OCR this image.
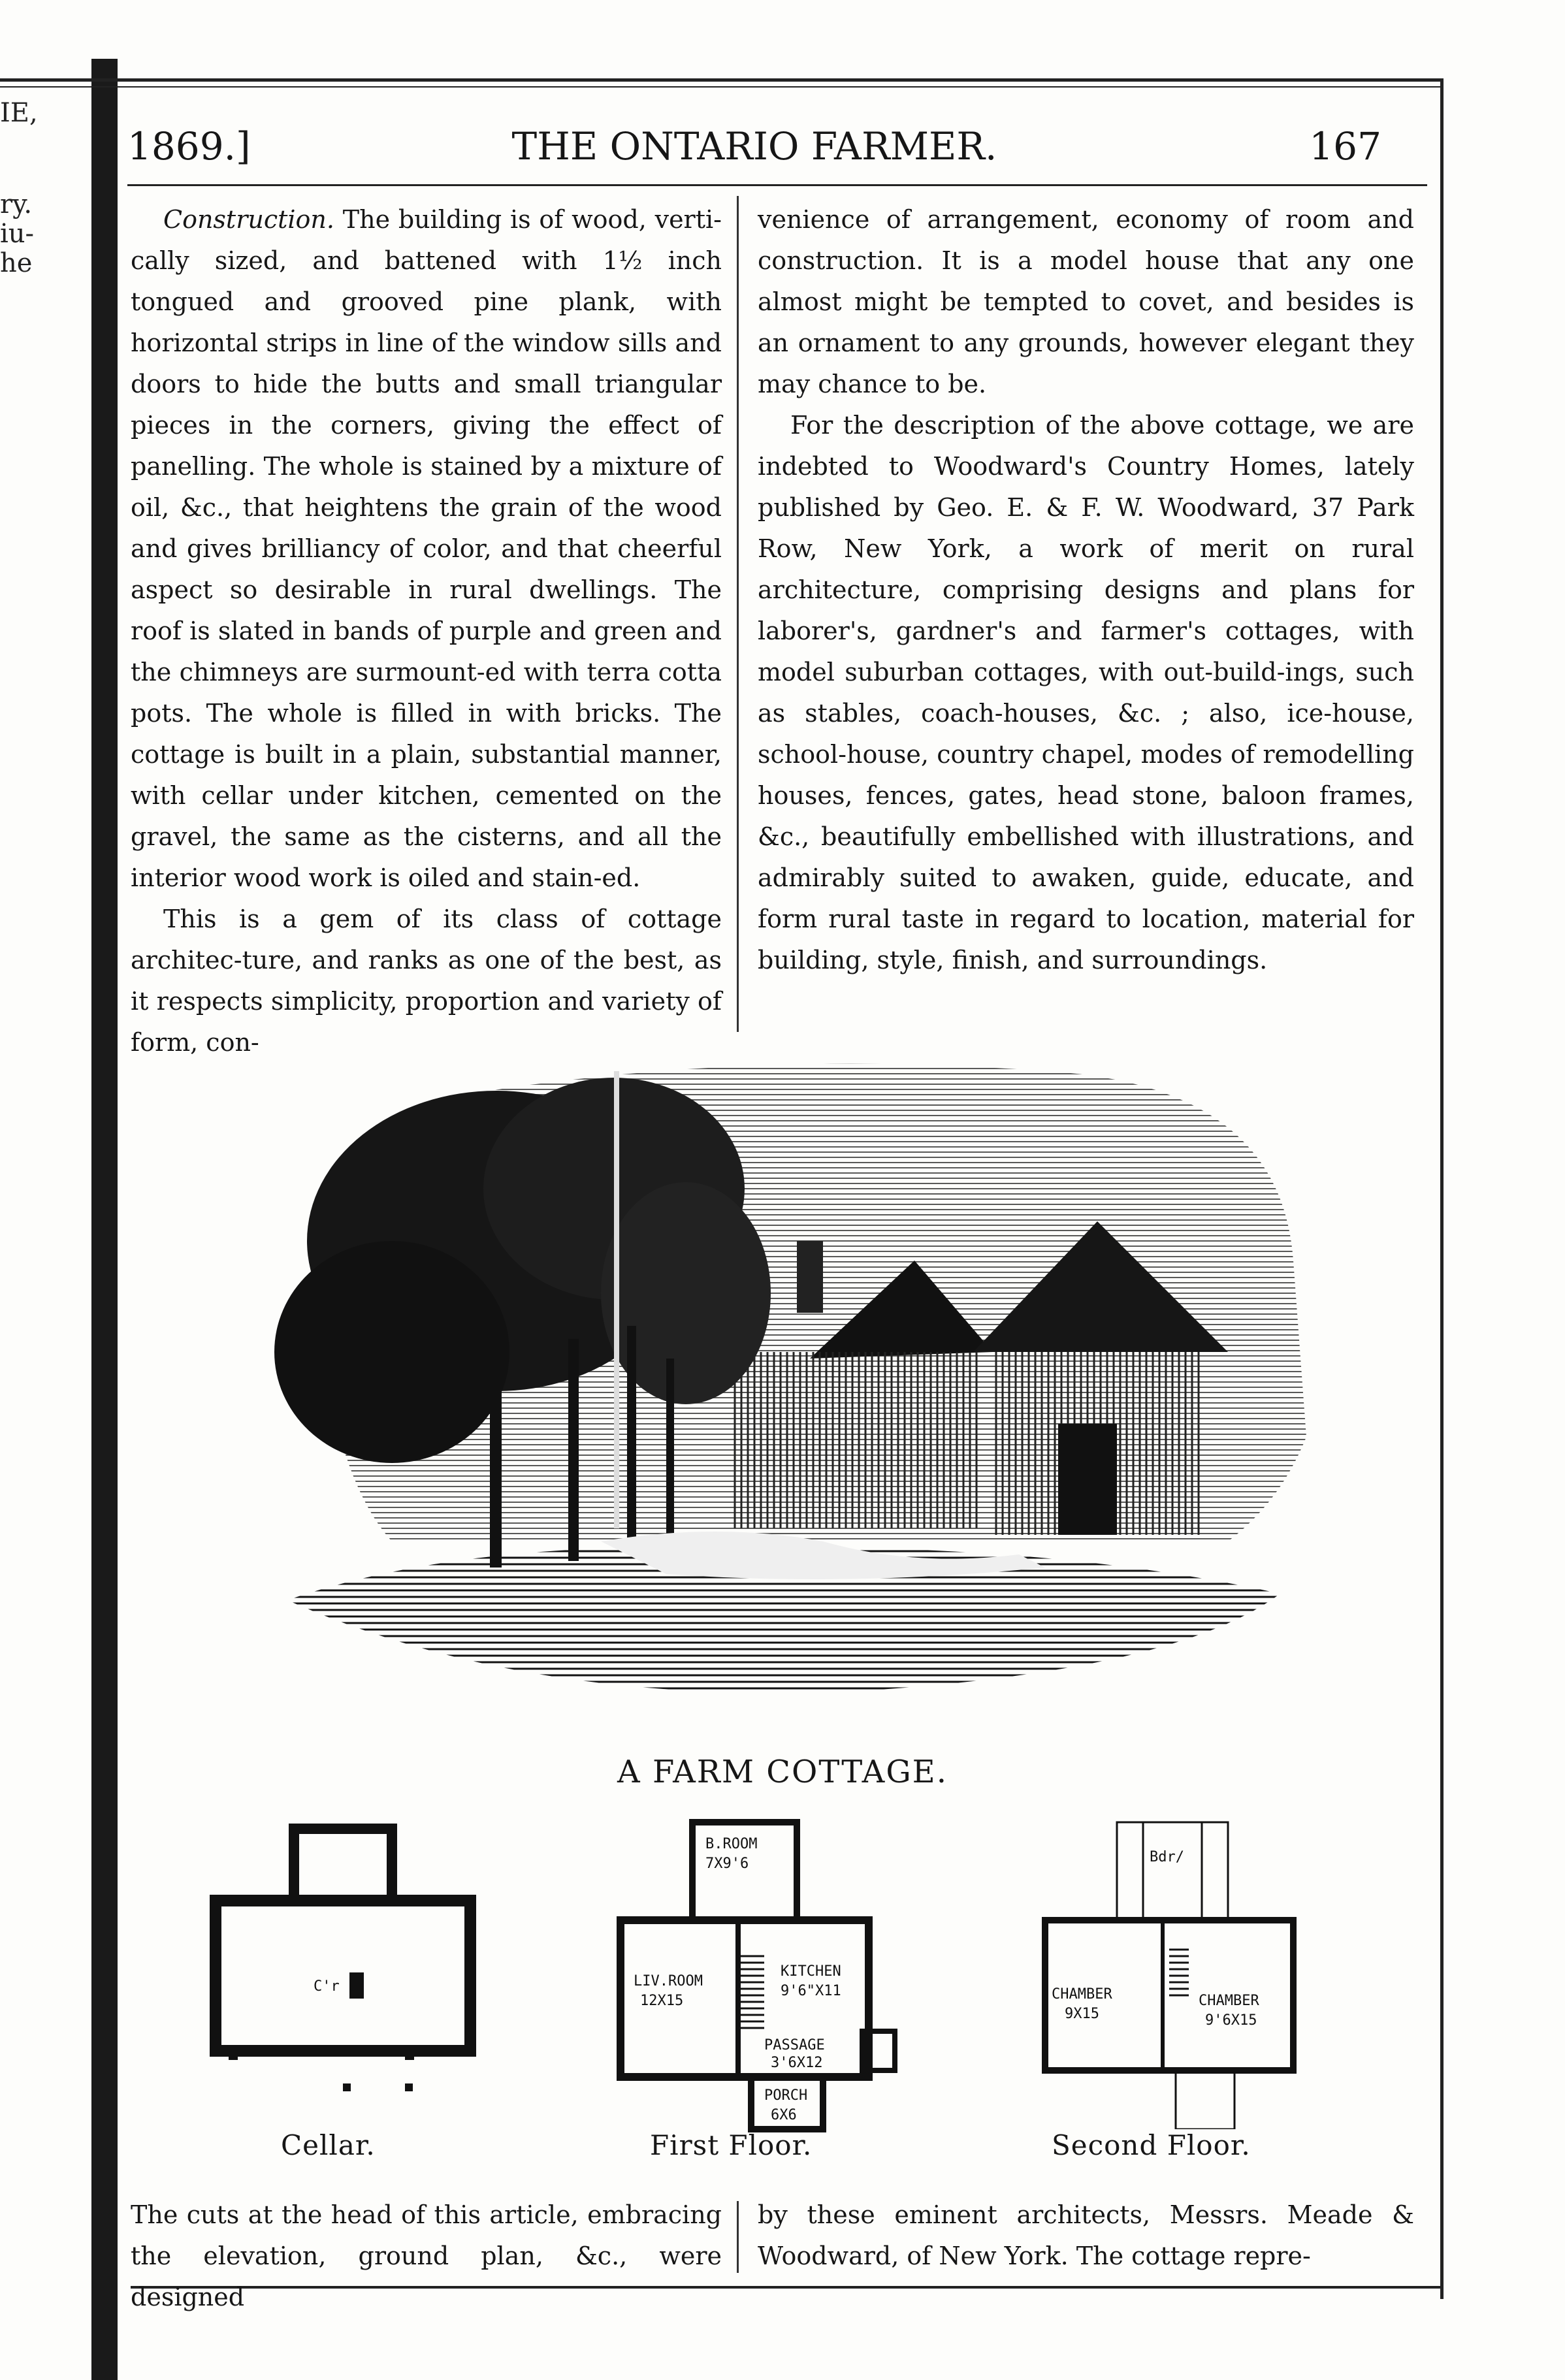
IE,
ry.
iu-
he
1869.]	THE ONTARIO FARMER.	167

Construction. The building is of wood, verti-cally sized, and battened with 1½ inch tongued and grooved pine plank, with horizontal strips in line of the window sills and doors to hide the butts and small triangular pieces in the corners, giving the effect of panelling. The whole is stained by a mixture of oil, &c., that heightens the grain of the wood and gives brilliancy of color, and that cheerful aspect so desirable in rural dwellings. The roof is slated in bands of purple and green and the chimneys are surmount-ed with terra cotta pots. The whole is filled in with bricks. The cottage is built in a plain, substantial manner, with cellar under kitchen, cemented on the gravel, the same as the cisterns, and all the interior wood work is oiled and stain-ed.

This is a gem of its class of cottage architec-ture, and ranks as one of the best, as it respects simplicity, proportion and variety of form, con-

venience of arrangement, economy of room and construction. It is a model house that any one almost might be tempted to covet, and besides is an ornament to any grounds, however elegant they may chance to be.

For the description of the above cottage, we are indebted to Woodward's Country Homes, lately published by Geo. E. & F. W. Woodward, 37 Park Row, New York, a work of merit on rural architecture, comprising designs and plans for laborer's, gardner's and farmer's cottages, with model suburban cottages, with out-build-ings, such as stables, coach-houses, &c. ; also, ice-house, school-house, country chapel, modes of remodelling houses, fences, gates, head stone, baloon frames, &c., beautifully embellished with illustrations, and admirably suited to awaken, guide, educate, and form rural taste in regard to location, material for building, style, finish, and surroundings.

A FARM COTTAGE.
C'r
Cellar.
B.ROOM
7X9'6
LIV.ROOM
12X15
KITCHEN
9'6"X11
PASSAGE
3'6X12
PORCH
6X6
First Floor.
Bdr/
CHAMBER
9X15
CHAMBER
9'6X15
Second Floor.
The cuts at the head of this article, embracing the elevation, ground plan, &c., were designed
by these eminent architects, Messrs. Meade & Woodward, of New York. The cottage repre-
